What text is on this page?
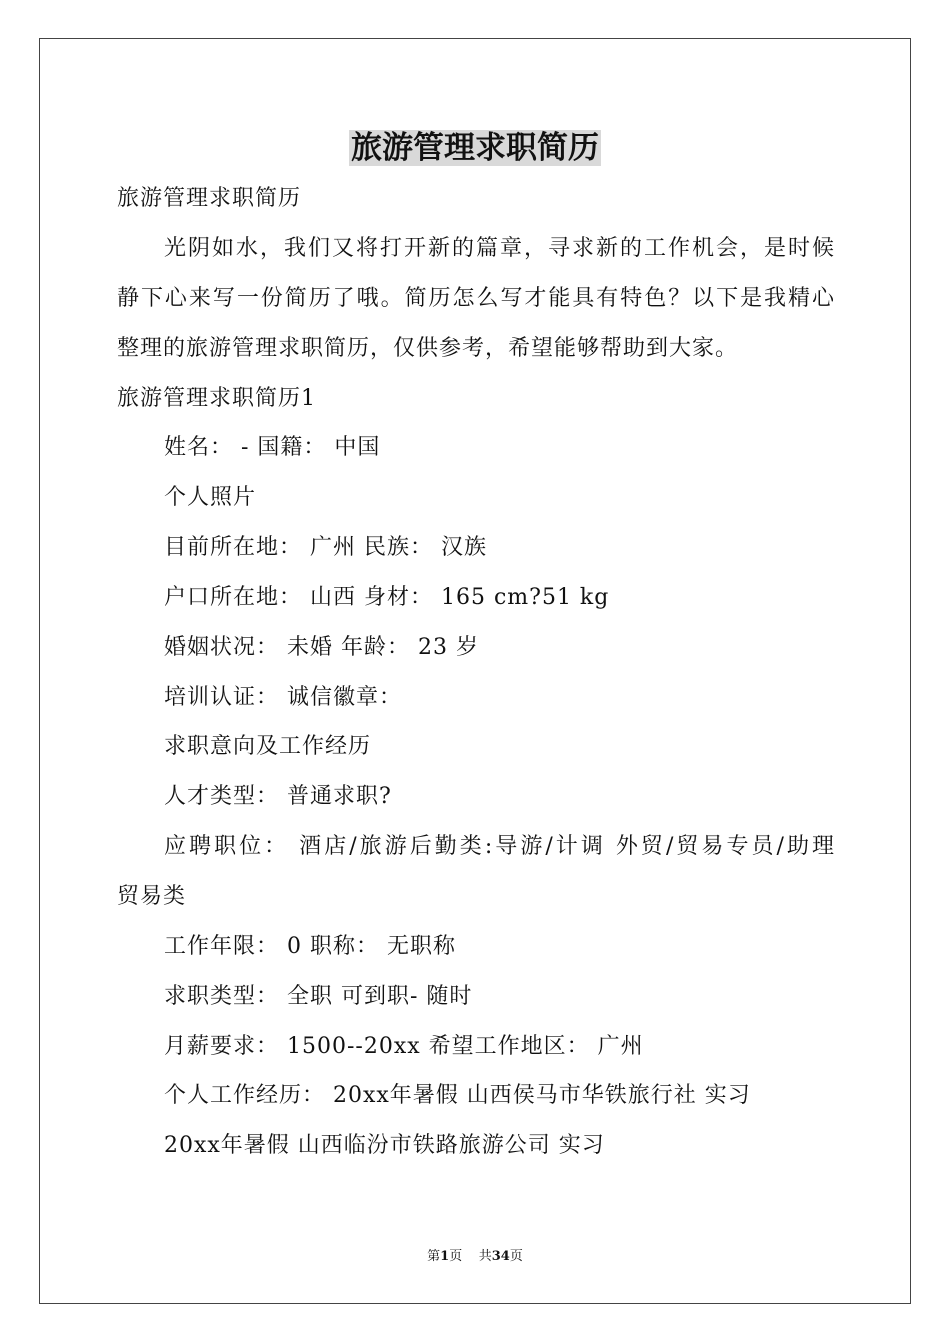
旅游管理求职简历
旅游管理求职简历
光阴如水，我们又将打开新的篇章，寻求新的工作机会，是时候
静下心来写一份简历了哦。简历怎么写才能具有特色？以下是我精心
整理的旅游管理求职简历，仅供参考，希望能够帮助到大家。
旅游管理求职简历1
姓名： - 国籍： 中国
个人照片
目前所在地： 广州 民族： 汉族
户口所在地： 山西 身材： 165 cm?51 kg
婚姻状况： 未婚 年龄： 23 岁
培训认证： 诚信徽章：
求职意向及工作经历
人才类型： 普通求职?
应聘职位： 酒店/旅游后勤类:导游/计调 外贸/贸易专员/助理
贸易类
工作年限： 0 职称： 无职称
求职类型： 全职 可到职- 随时
月薪要求： 1500--20xx 希望工作地区： 广州
个人工作经历： 20xx年暑假 山西侯马市华铁旅行社 实习
20xx年暑假 山西临汾市铁路旅游公司 实习
第1页 共34页
